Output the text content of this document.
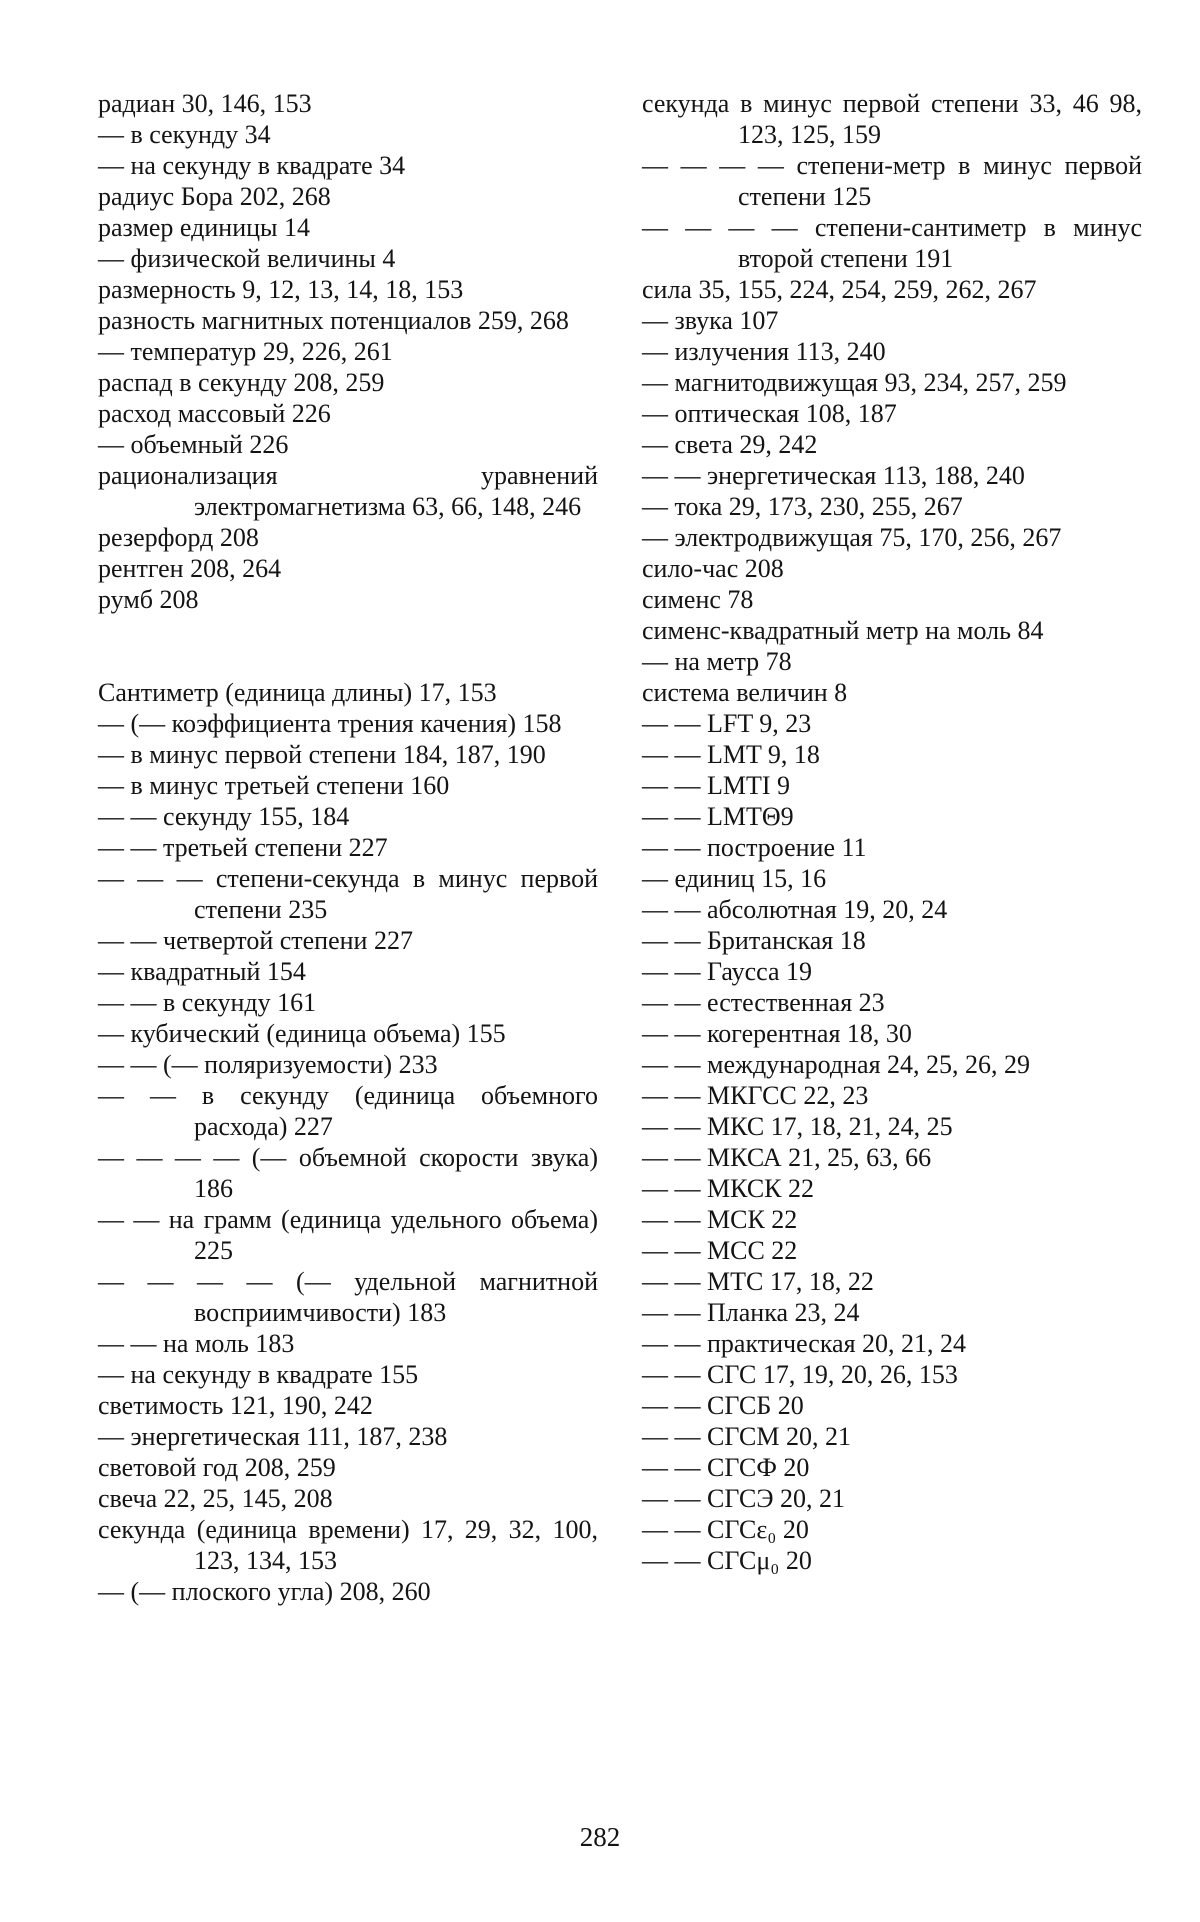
радиан 30, 146, 153
— в секунду 34
— на секунду в квадрате 34
радиус Бора 202, 268
размер единицы 14
— физической величины 4
размерность 9, 12, 13, 14, 18, 153
разность магнитных потенциалов 259, 268
— температур 29, 226, 261
распад в секунду 208, 259
расход массовый 226
— объемный 226
рационализация уравнений электромагнетизма 63, 66, 148, 246
резерфорд 208
рентген 208, 264
румб 208
Сантиметр (единица длины) 17, 153
— (— коэффициента трения качения) 158
— в минус первой степени 184, 187, 190
— в минус третьей степени 160
— — секунду 155, 184
— — третьей степени 227
— — — степени-секунда в минус первой степени 235
— — четвертой степени 227
— квадратный 154
— — в секунду 161
— кубический (единица объема) 155
— — (— поляризуемости) 233
— — в секунду (единица объемного расхода) 227
— — — — (— объемной скорости звука) 186
— — на грамм (единица удельного объема) 225
— — — — (— удельной магнитной восприимчивости) 183
— — на моль 183
— на секунду в квадрате 155
светимость 121, 190, 242
— энергетическая 111, 187, 238
световой год 208, 259
свеча 22, 25, 145, 208
секунда (единица времени) 17, 29, 32, 100, 123, 134, 153
— (— плоского угла) 208, 260
секунда в минус первой степени 33, 46 98, 123, 125, 159
— — — — степени-метр в минус первой степени 125
— — — — степени-сантиметр в минус второй степени 191
сила 35, 155, 224, 254, 259, 262, 267
— звука 107
— излучения 113, 240
— магнитодвижущая 93, 234, 257, 259
— оптическая 108, 187
— света 29, 242
— — энергетическая 113, 188, 240
— тока 29, 173, 230, 255, 267
— электродвижущая 75, 170, 256, 267
сило-час 208
сименс 78
сименс-квадратный метр на моль 84
— на метр 78
система величин 8
— — LFT 9, 23
— — LMT 9, 18
— — LMTI 9
— — LMTΘ9
— — построение 11
— единиц 15, 16
— — абсолютная 19, 20, 24
— — Британская 18
— — Гаусса 19
— — естественная 23
— — когерентная 18, 30
— — международная 24, 25, 26, 29
— — МКГСС 22, 23
— — МКС 17, 18, 21, 24, 25
— — МКСА 21, 25, 63, 66
— — МКСК 22
— — МСК 22
— — МСС 22
— — МТС 17, 18, 22
— — Планка 23, 24
— — практическая 20, 21, 24
— — СГС 17, 19, 20, 26, 153
— — СГСБ 20
— — СГСМ 20, 21
— — СГСФ 20
— — СГСЭ 20, 21
— — СГСε₀ 20
— — СГСμ₀ 20
282
